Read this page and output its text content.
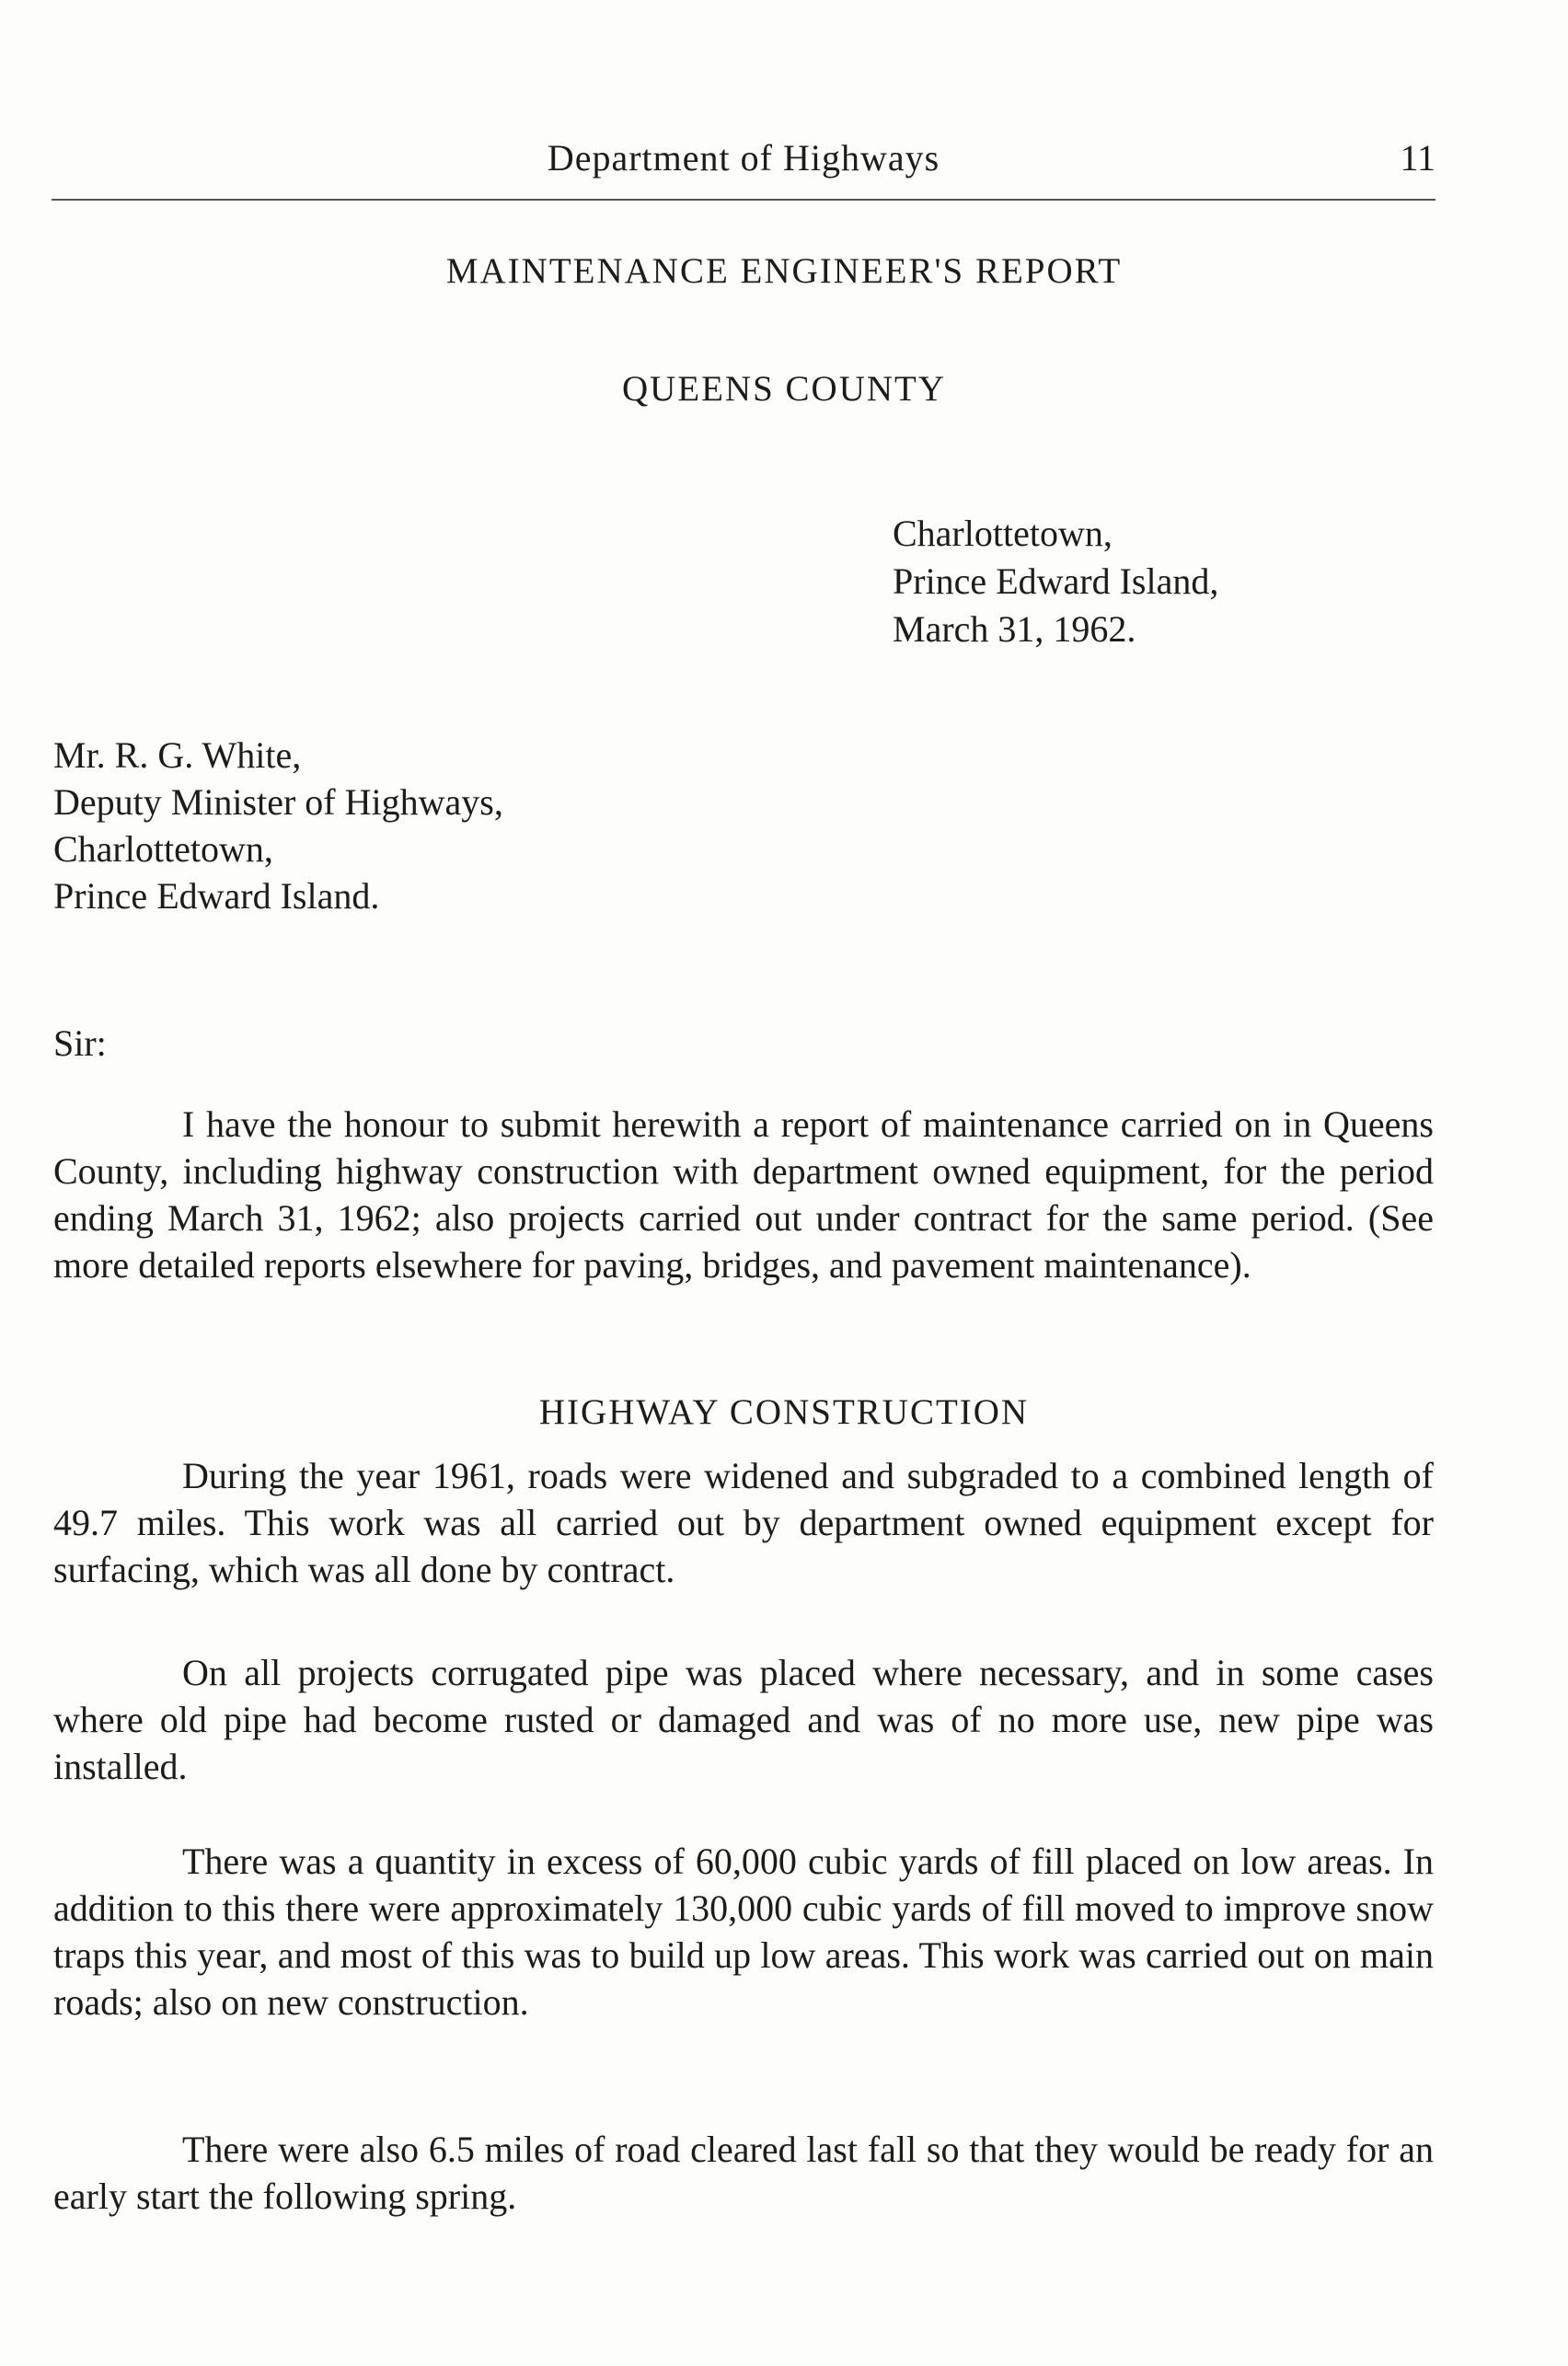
Department of Highways	11
MAINTENANCE ENGINEER'S REPORT
QUEENS COUNTY
Charlottetown,
Prince Edward Island,
March 31, 1962.
Mr. R. G. White,
Deputy Minister of Highways,
Charlottetown,
Prince Edward Island.
Sir:

I have the honour to submit herewith a report of maintenance carried on in Queens County, including highway construction with department owned equipment, for the period ending March 31, 1962; also projects carried out under contract for the same period. (See more detailed reports elsewhere for paving, bridges, and pavement maintenance).

HIGHWAY CONSTRUCTION

During the year 1961, roads were widened and subgraded to a combined length of 49.7 miles. This work was all carried out by department owned equipment except for surfacing, which was all done by contract.

On all projects corrugated pipe was placed where necessary, and in some cases where old pipe had become rusted or damaged and was of no more use, new pipe was installed.

There was a quantity in excess of 60,000 cubic yards of fill placed on low areas. In addition to this there were approximately 130,000 cubic yards of fill moved to improve snow traps this year, and most of this was to build up low areas. This work was carried out on main roads; also on new construction.

There were also 6.5 miles of road cleared last fall so that they would be ready for an early start the following spring.
